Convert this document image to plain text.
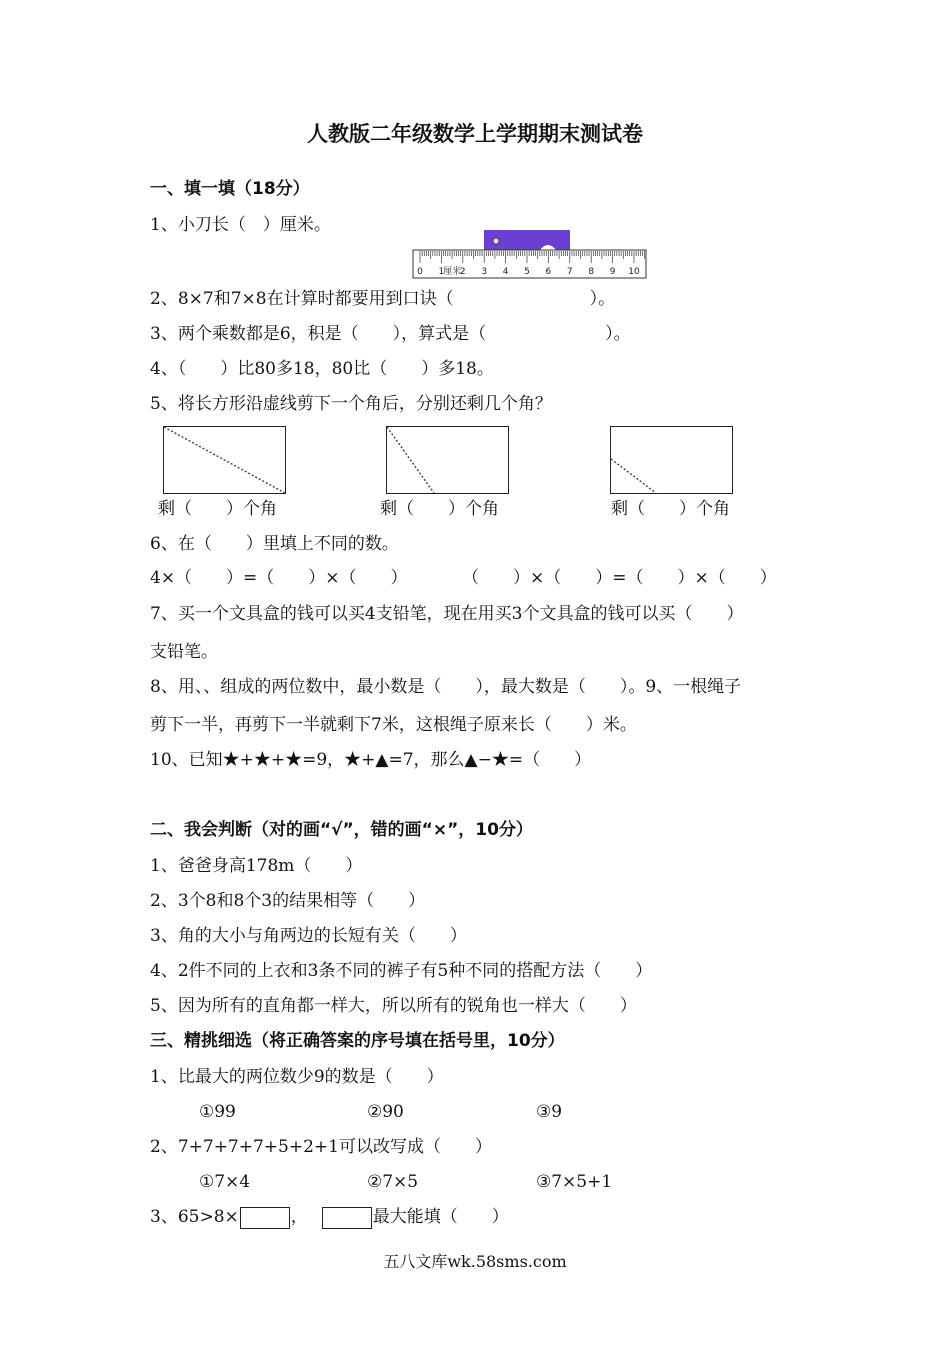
人教版二年级数学上学期期末测试卷
一、填一填（18分）
1、小刀长（　）厘米。
0 1 2 3 4 5 6 7 8 9 10
厘米
2、8×7和7×8在计算时都要用到口诀（　　　　　　　　）。
3、两个乘数都是6，积是（　　），算式是（　　　　　　　）。
4、（　　）比80多18，80比（　　）多18。
5、将长方形沿虚线剪下一个角后，分别还剩几个角？
剩（　　）个角	剩（　　）个角	剩（　　）个角
6、在（　　）里填上不同的数。
4×（　　）=（　　）×（　　）	（　　）×（　　）=（　　）×（　　）
7、买一个文具盒的钱可以买4支铅笔，现在用买3个文具盒的钱可以买（　　）
支铅笔。
8、用、、组成的两位数中，最小数是（　　），最大数是（　　）。9、一根绳子
剪下一半，再剪下一半就剩下7米，这根绳子原来长（　　）米。
10、已知★+★+★=9，★+▲=7，那么▲−★=（　　）
二、我会判断（对的画“√”，错的画“×”，10分）
1、爸爸身高178m（　　）
2、3个8和8个3的结果相等（　　）
3、角的大小与角两边的长短有关（　　）
4、2件不同的上衣和3条不同的裤子有5种不同的搭配方法（　　）
5、因为所有的直角都一样大，所以所有的锐角也一样大（　　）
三、精挑细选（将正确答案的序号填在括号里，10分）
1、比最大的两位数少9的数是（　　）
①99	②90	③9
2、7+7+7+7+5+2+1可以改写成（　　）
①7×4	②7×5	③7×5+1
3、65>8×	，	最大能填（　　）
五八文库wk.58sms.com
